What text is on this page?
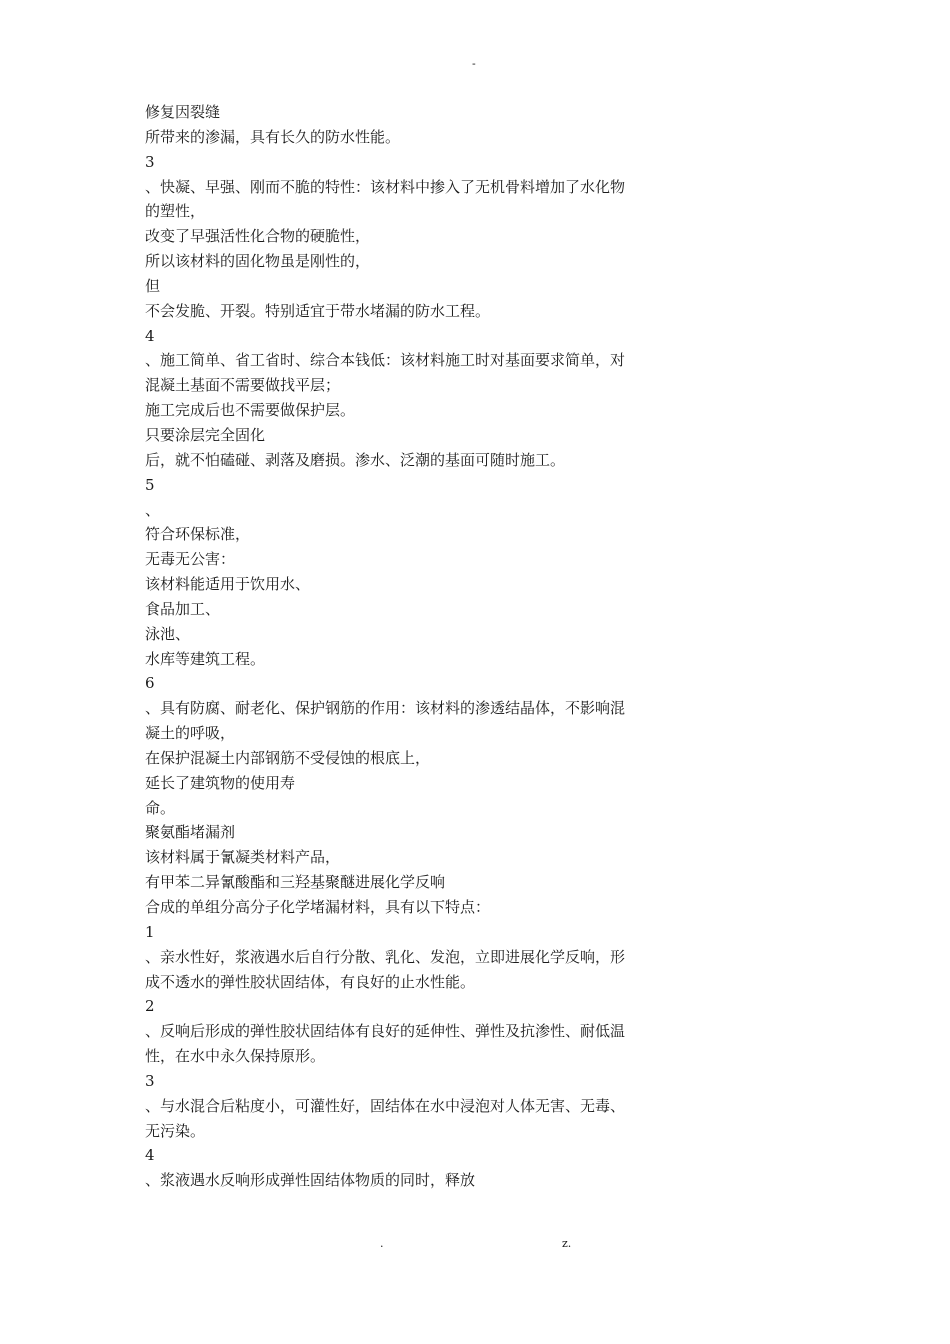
-
修复因裂缝
所带来的渗漏，具有长久的防水性能。
3
、快凝、早强、刚而不脆的特性：该材料中掺入了无机骨料增加了水化物
的塑性，
改变了早强活性化合物的硬脆性，
所以该材料的固化物虽是刚性的，
但
不会发脆、开裂。特别适宜于带水堵漏的防水工程。
4
、施工简单、省工省时、综合本钱低：该材料施工时对基面要求简单，对
混凝土基面不需要做找平层；
施工完成后也不需要做保护层。
只要涂层完全固化
后，就不怕磕碰、剥落及磨损。渗水、泛潮的基面可随时施工。
5
、
符合环保标准，
无毒无公害：
该材料能适用于饮用水、
食品加工、
泳池、
水库等建筑工程。
6
、具有防腐、耐老化、保护钢筋的作用：该材料的渗透结晶体，不影响混
凝土的呼吸，
在保护混凝土内部钢筋不受侵蚀的根底上，
延长了建筑物的使用寿
命。
聚氨酯堵漏剂
该材料属于氰凝类材料产品，
有甲苯二异氰酸酯和三羟基聚醚进展化学反响
合成的单组分高分子化学堵漏材料，具有以下特点：
1
、亲水性好，浆液遇水后自行分散、乳化、发泡，立即进展化学反响，形
成不透水的弹性胶状固结体，有良好的止水性能。
2
、反响后形成的弹性胶状固结体有良好的延伸性、弹性及抗渗性、耐低温
性，在水中永久保持原形。
3
、与水混合后粘度小，可灌性好，固结体在水中浸泡对人体无害、无毒、
无污染。
4
、浆液遇水反响形成弹性固结体物质的同时，释放
.	z.
